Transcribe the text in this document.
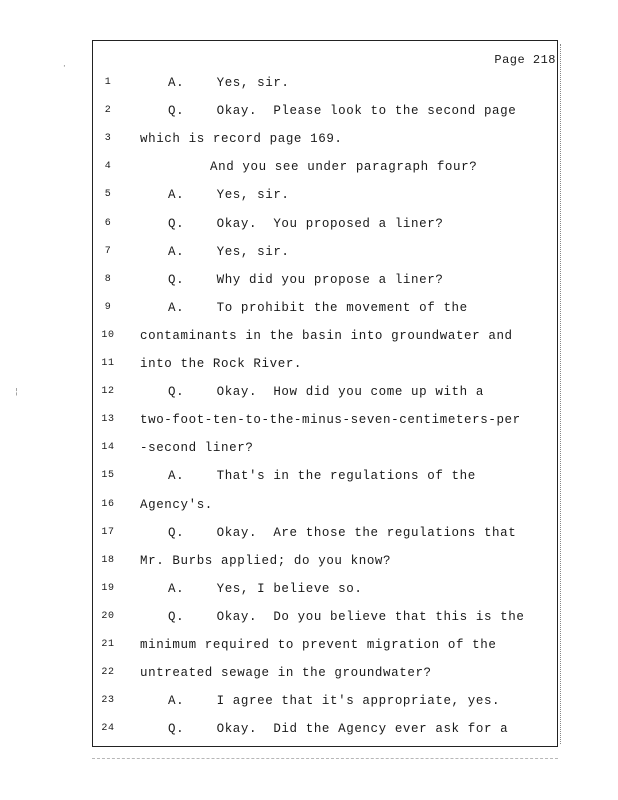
·
¦
Page 218
1	A.    Yes, sir.
2	Q.    Okay.  Please look to the second page
3	which is record page 169.
4	And you see under paragraph four?
5	A.    Yes, sir.
6	Q.    Okay.  You proposed a liner?
7	A.    Yes, sir.
8	Q.    Why did you propose a liner?
9	A.    To prohibit the movement of the
10	contaminants in the basin into groundwater and
11	into the Rock River.
12	Q.    Okay.  How did you come up with a
13	two-foot-ten-to-the-minus-seven-centimeters-per
14	-second liner?
15	A.    That's in the regulations of the
16	Agency's.
17	Q.    Okay.  Are those the regulations that
18	Mr. Burbs applied; do you know?
19	A.    Yes, I believe so.
20	Q.    Okay.  Do you believe that this is the
21	minimum required to prevent migration of the
22	untreated sewage in the groundwater?
23	A.    I agree that it's appropriate, yes.
24	Q.    Okay.  Did the Agency ever ask for a
